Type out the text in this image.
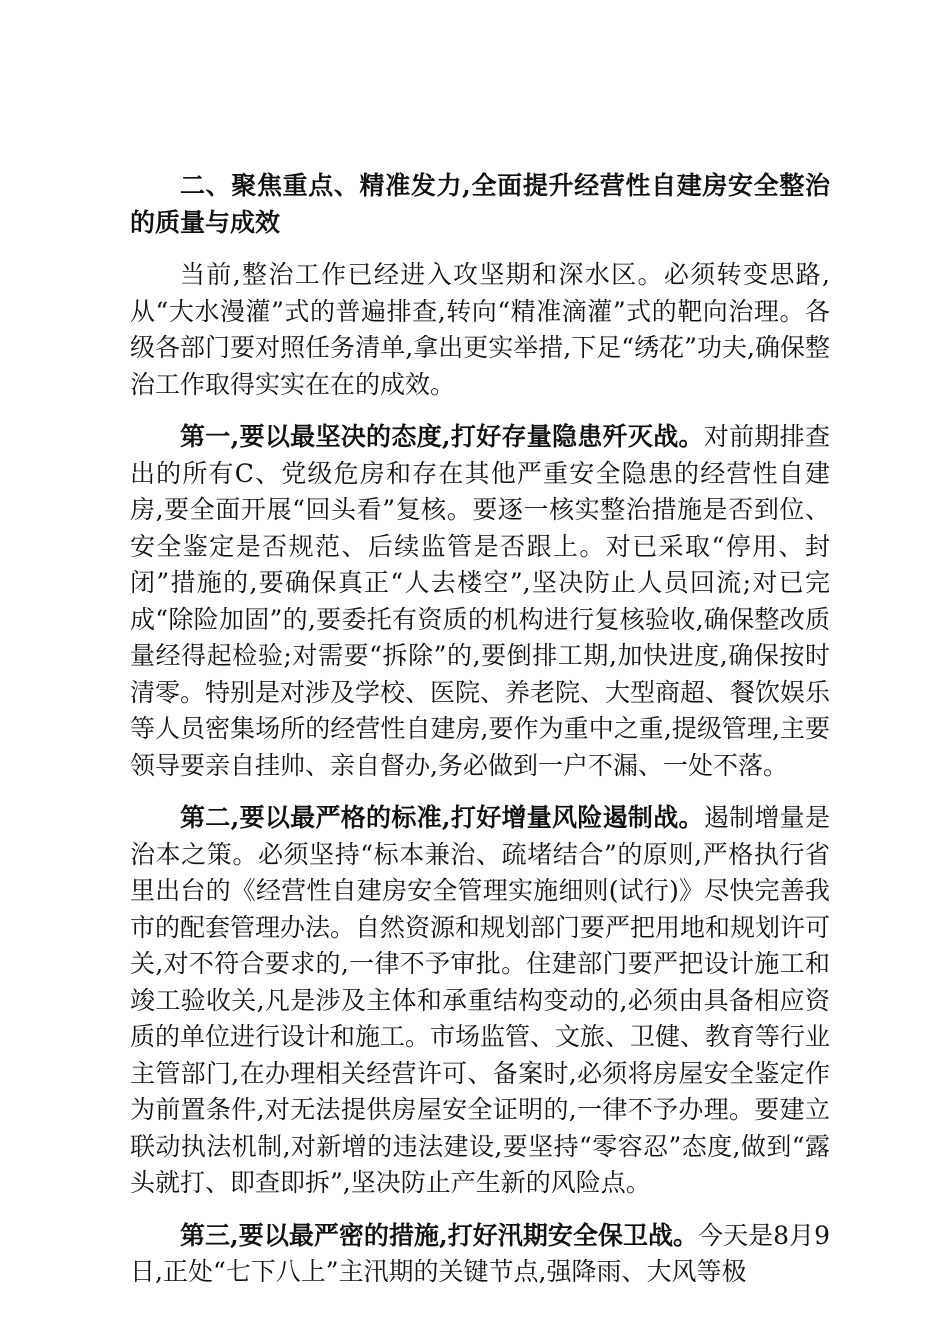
二、聚焦重点、精准发力,全面提升经营性自建房安全整治的质量与成效

当前,整治工作已经进入攻坚期和深水区。必须转变思路,从“大水漫灌”式的普遍排查,转向“精准滴灌”式的靶向治理。各级各部门要对照任务清单,拿出更实举措,下足“绣花”功夫,确保整治工作取得实实在在的成效。

第一,要以最坚决的态度,打好存量隐患歼灭战。对前期排查出的所有C、党级危房和存在其他严重安全隐患的经营性自建房,要全面开展“回头看”复核。要逐一核实整治措施是否到位、安全鉴定是否规范、后续监管是否跟上。对已采取“停用、封闭”措施的,要确保真正“人去楼空”,坚决防止人员回流;对已完成“除险加固”的,要委托有资质的机构进行复核验收,确保整改质量经得起检验;对需要“拆除”的,要倒排工期,加快进度,确保按时清零。特别是对涉及学校、医院、养老院、大型商超、餐饮娱乐等人员密集场所的经营性自建房,要作为重中之重,提级管理,主要领导要亲自挂帅、亲自督办,务必做到一户不漏、一处不落。

第二,要以最严格的标准,打好增量风险遏制战。遏制增量是治本之策。必须坚持“标本兼治、疏堵结合”的原则,严格执行省里出台的《经营性自建房安全管理实施细则(试行)》尽快完善我市的配套管理办法。自然资源和规划部门要严把用地和规划许可关,对不符合要求的,一律不予审批。住建部门要严把设计施工和竣工验收关,凡是涉及主体和承重结构变动的,必须由具备相应资质的单位进行设计和施工。市场监管、文旅、卫健、教育等行业主管部门,在办理相关经营许可、备案时,必须将房屋安全鉴定作为前置条件,对无法提供房屋安全证明的,一律不予办理。要建立联动执法机制,对新增的违法建设,要坚持“零容忍”态度,做到“露头就打、即查即拆”,坚决防止产生新的风险点。

第三,要以最严密的措施,打好汛期安全保卫战。今天是8月9日,正处“七下八上”主汛期的关键节点,强降雨、大风等极
